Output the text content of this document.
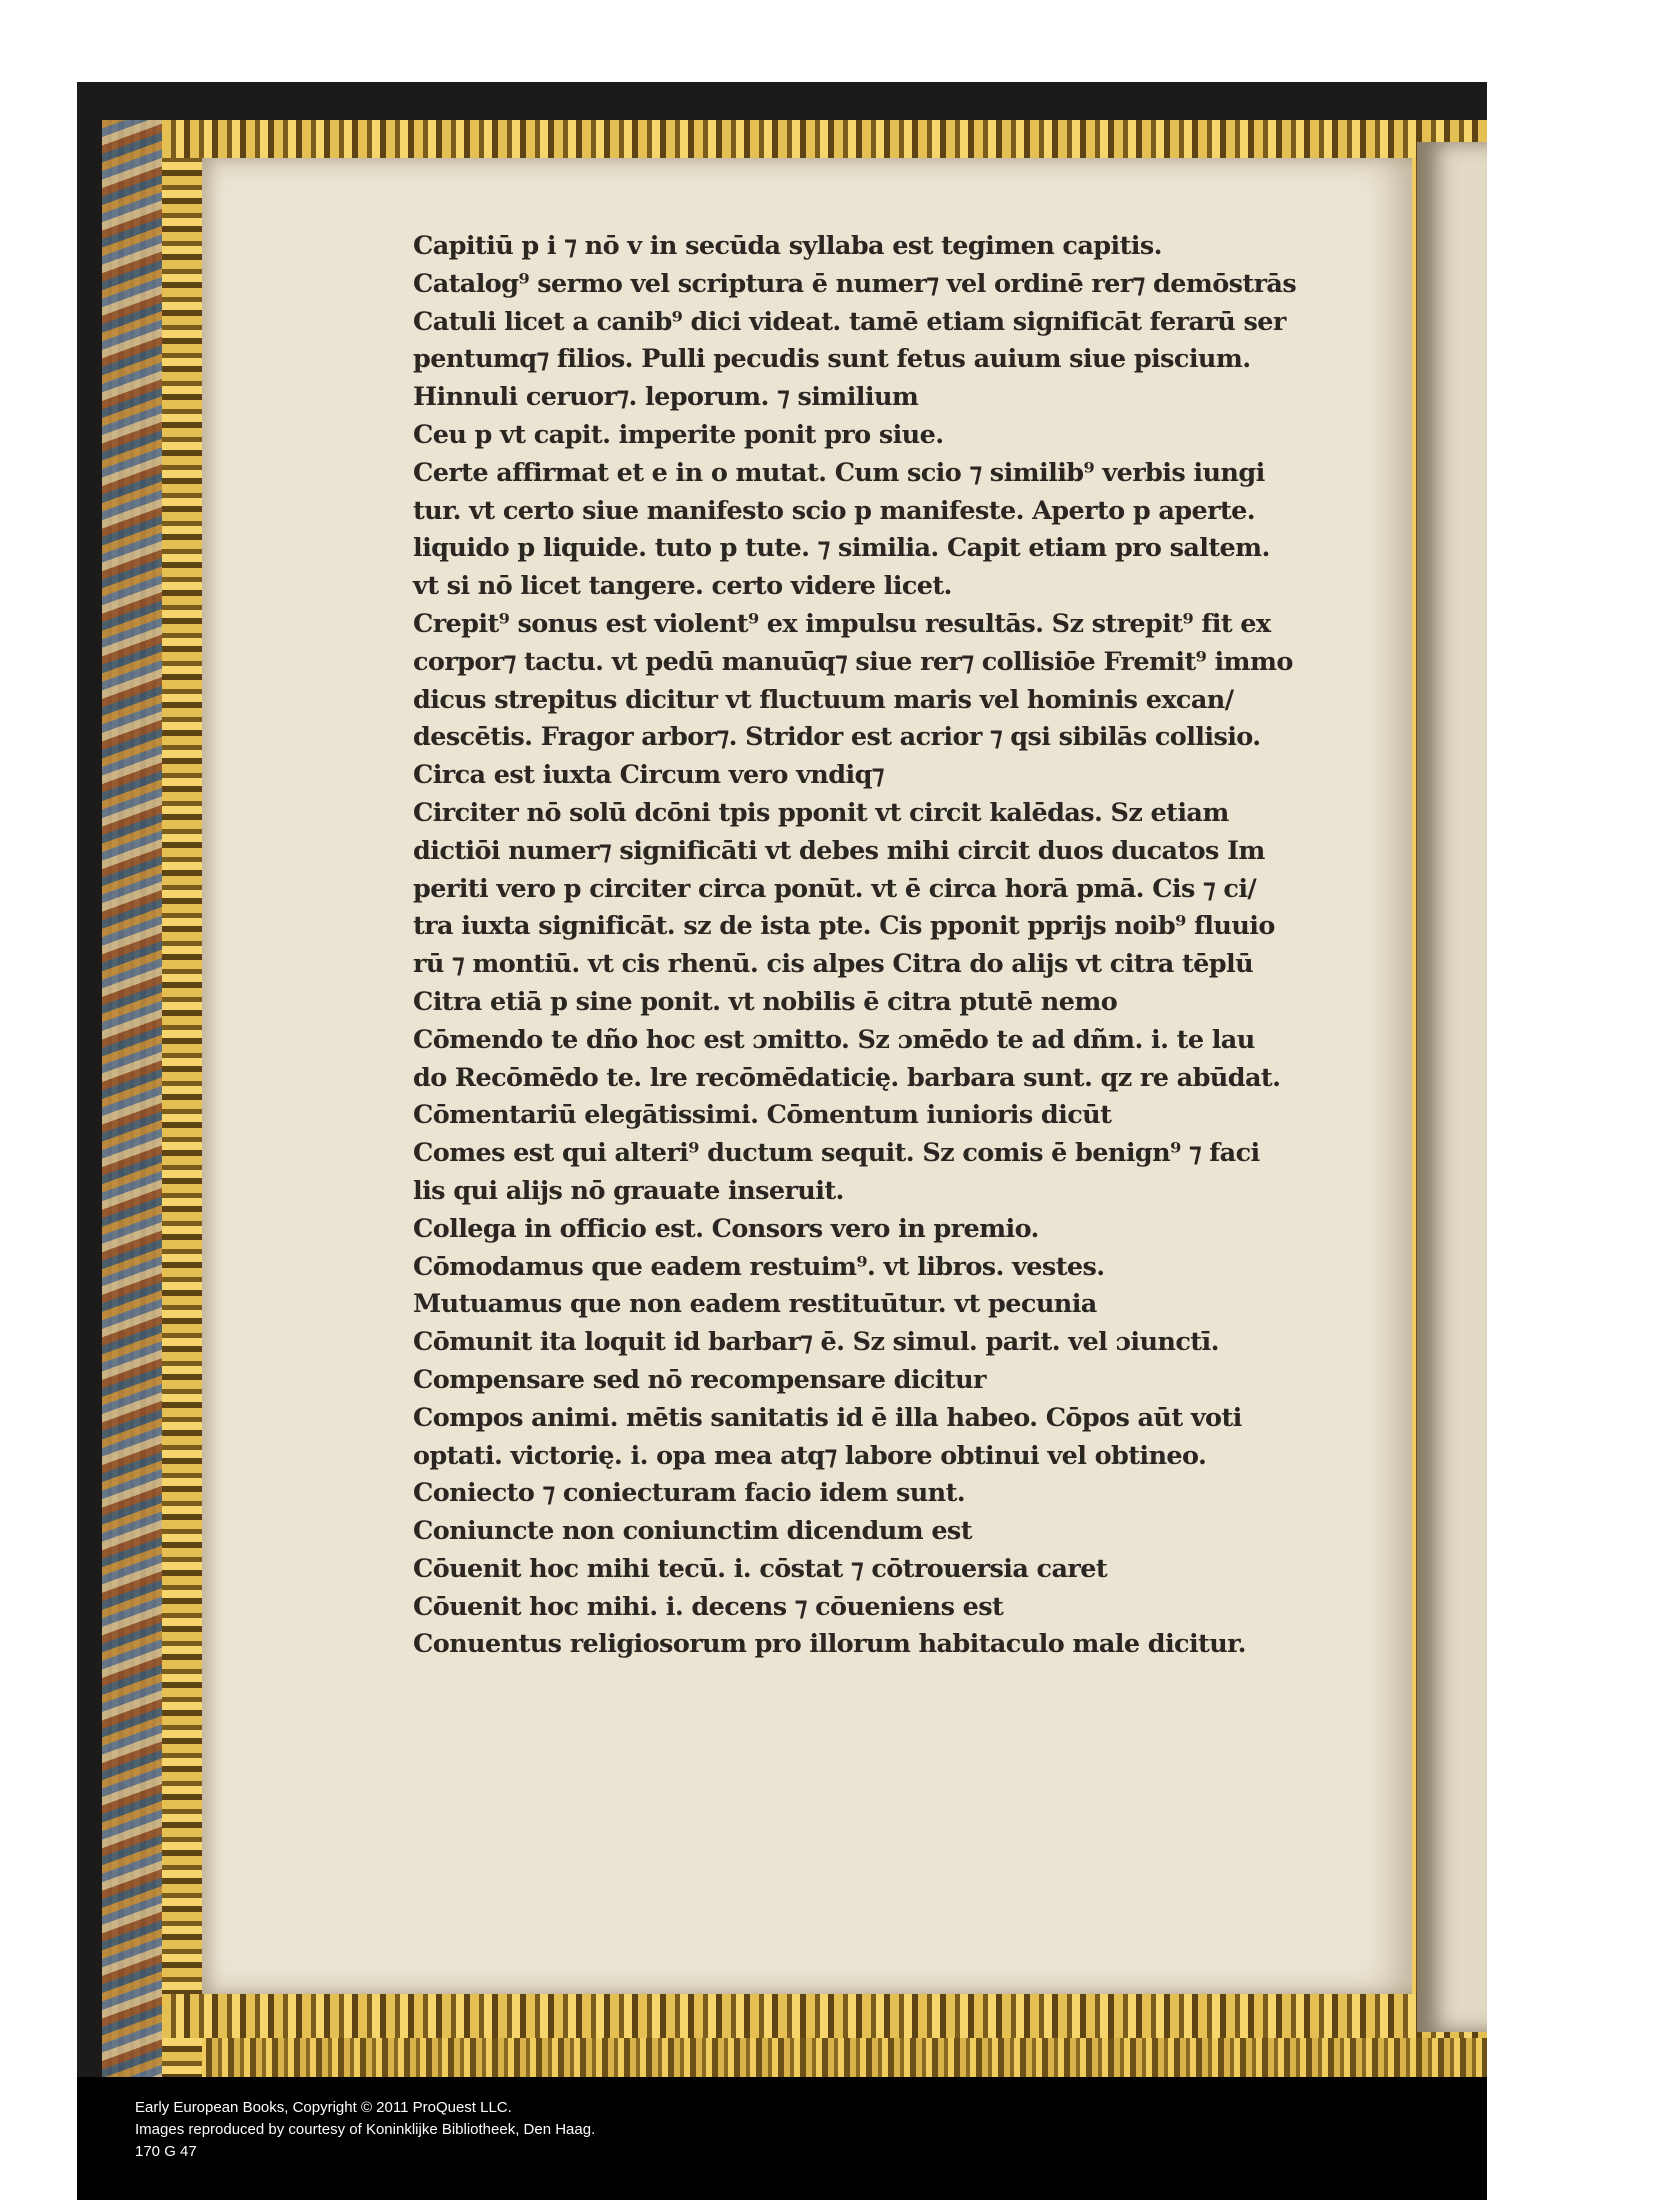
Capitiū p i ⁊ nō v in secūda syllaba est tegimen capitis.
Catalog⁹ sermo vel scriptura ē numer⁊ vel ordinē rer⁊ demōstrās
Catuli licet a canib⁹ dici videat. tamē etiam significāt ferarū ser
pentumq⁊ filios. Pulli pecudis sunt fetus auium siue piscium.
Hinnuli ceruor⁊. leporum. ⁊ similium
Ceu p vt capit. imperite ponit pro siue.
Certe affirmat et e in o mutat. Cum scio ⁊ similib⁹ verbis iungi
tur. vt certo siue manifesto scio p manifeste. Aperto p aperte.
liquido p liquide. tuto p tute. ⁊ similia. Capit etiam pro saltem.
vt si nō licet tangere. certo videre licet.
Crepit⁹ sonus est violent⁹ ex impulsu resultās. Sz strepit⁹ fit ex
corpor⁊ tactu. vt pedū manuūq⁊ siue rer⁊ collisiōe Fremit⁹ immo
dicus strepitus dicitur vt fluctuum maris vel hominis excan/
descētis. Fragor arbor⁊. Stridor est acrior ⁊ qsi sibilās collisio.
Circa est iuxta Circum vero vndiq⁊
Circiter nō solū dcōni tpis pponit vt circit kalēdas. Sz etiam
dictiōi numer⁊ significāti vt debes mihi circit duos ducatos Im
periti vero p circiter circa ponūt. vt ē circa horā pmā. Cis ⁊ ci/
tra iuxta significāt. sz de ista pte. Cis pponit pprijs noib⁹ fluuio
rū ⁊ montiū. vt cis rhenū. cis alpes Citra do alijs vt citra tēplū
Citra etiā p sine ponit. vt nobilis ē citra ptutē nemo
Cōmendo te dño hoc est ɔmitto. Sz ɔmēdo te ad dñm. i. te lau
do Recōmēdo te. lre recōmēdaticię. barbara sunt. qz re abūdat.
Cōmentariū elegātissimi. Cōmentum iunioris dicūt
Comes est qui alteri⁹ ductum sequit. Sz comis ē benign⁹ ⁊ faci
lis qui alijs nō grauate inseruit.
Collega in officio est. Consors vero in premio.
Cōmodamus que eadem restuim⁹. vt libros. vestes.
Mutuamus que non eadem restituūtur. vt pecunia
Cōmunit ita loquit id barbar⁊ ē. Sz simul. parit. vel ɔiunctī.
Compensare sed nō recompensare dicitur
Compos animi. mētis sanitatis id ē illa habeo. Cōpos aūt voti
optati. victorię. i. opa mea atq⁊ labore obtinui vel obtineo.
Coniecto ⁊ coniecturam facio idem sunt.
Coniuncte non coniunctim dicendum est
Cōuenit hoc mihi tecū. i. cōstat ⁊ cōtrouersia caret
Cōuenit hoc mihi. i. decens ⁊ cōueniens est
Conuentus religiosorum pro illorum habitaculo male dicitur.
Early European Books, Copyright © 2011 ProQuest LLC.
Images reproduced by courtesy of Koninklijke Bibliotheek, Den Haag.
170 G 47
